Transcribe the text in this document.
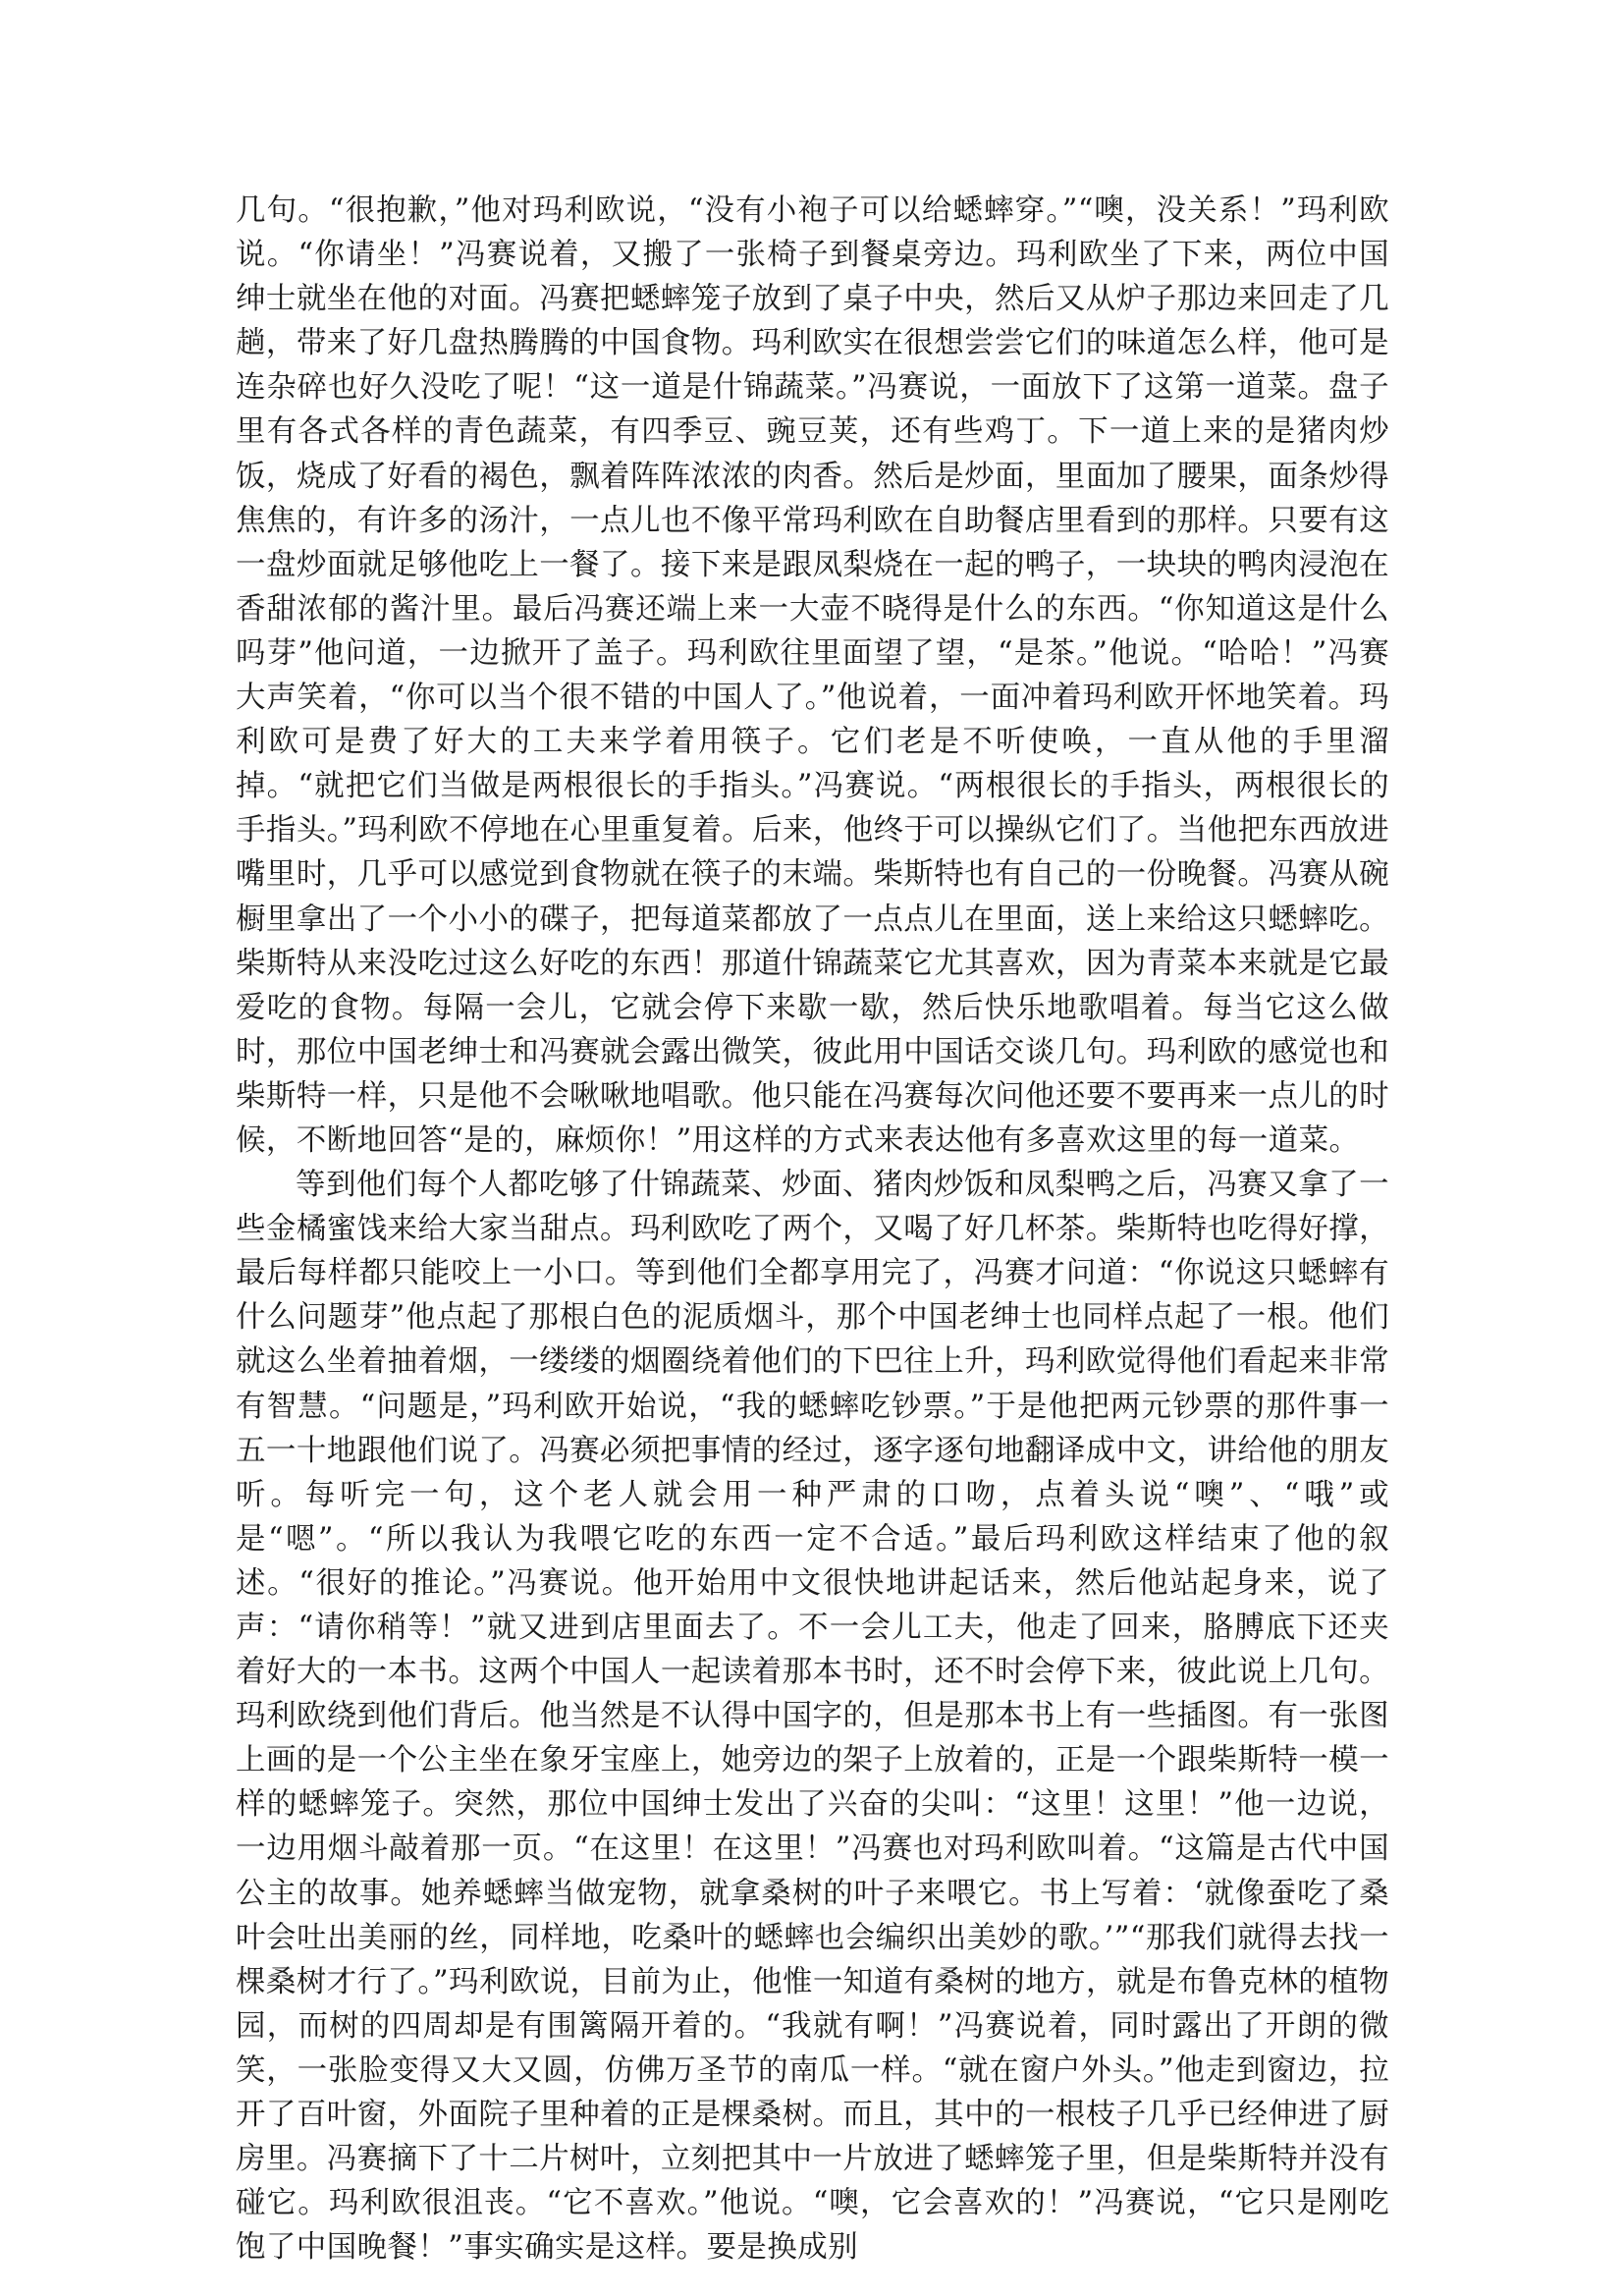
几句。“很抱歉，”他对玛利欧说，“没有小袍子可以给蟋蟀穿。”“噢，没关系！”玛利欧说。“你请坐！”冯赛说着，又搬了一张椅子到餐桌旁边。玛利欧坐了下来，两位中国绅士就坐在他的对面。冯赛把蟋蟀笼子放到了桌子中央，然后又从炉子那边来回走了几趟，带来了好几盘热腾腾的中国食物。玛利欧实在很想尝尝它们的味道怎么样，他可是连杂碎也好久没吃了呢！“这一道是什锦蔬菜。”冯赛说，一面放下了这第一道菜。盘子里有各式各样的青色蔬菜，有四季豆、豌豆荚，还有些鸡丁。下一道上来的是猪肉炒饭，烧成了好看的褐色，飘着阵阵浓浓的肉香。然后是炒面，里面加了腰果，面条炒得焦焦的，有许多的汤汁，一点儿也不像平常玛利欧在自助餐店里看到的那样。只要有这一盘炒面就足够他吃上一餐了。接下来是跟凤梨烧在一起的鸭子，一块块的鸭肉浸泡在香甜浓郁的酱汁里。最后冯赛还端上来一大壶不晓得是什么的东西。“你知道这是什么吗芽”他问道，一边掀开了盖子。玛利欧往里面望了望，“是茶。”他说。“哈哈！”冯赛大声笑着，“你可以当个很不错的中国人了。”他说着，一面冲着玛利欧开怀地笑着。玛利欧可是费了好大的工夫来学着用筷子。它们老是不听使唤，一直从他的手里溜掉。“就把它们当做是两根很长的手指头。”冯赛说。“两根很长的手指头，两根很长的手指头。”玛利欧不停地在心里重复着。后来，他终于可以操纵它们了。当他把东西放进嘴里时，几乎可以感觉到食物就在筷子的末端。柴斯特也有自己的一份晚餐。冯赛从碗橱里拿出了一个小小的碟子，把每道菜都放了一点点儿在里面，送上来给这只蟋蟀吃。柴斯特从来没吃过这么好吃的东西！那道什锦蔬菜它尤其喜欢，因为青菜本来就是它最爱吃的食物。每隔一会儿，它就会停下来歇一歇，然后快乐地歌唱着。每当它这么做时，那位中国老绅士和冯赛就会露出微笑，彼此用中国话交谈几句。玛利欧的感觉也和柴斯特一样，只是他不会啾啾地唱歌。他只能在冯赛每次问他还要不要再来一点儿的时候，不断地回答“是的，麻烦你！”用这样的方式来表达他有多喜欢这里的每一道菜。

等到他们每个人都吃够了什锦蔬菜、炒面、猪肉炒饭和凤梨鸭之后，冯赛又拿了一些金橘蜜饯来给大家当甜点。玛利欧吃了两个，又喝了好几杯茶。柴斯特也吃得好撑，最后每样都只能咬上一小口。等到他们全都享用完了，冯赛才问道：“你说这只蟋蟀有什么问题芽”他点起了那根白色的泥质烟斗，那个中国老绅士也同样点起了一根。他们就这么坐着抽着烟，一缕缕的烟圈绕着他们的下巴往上升，玛利欧觉得他们看起来非常有智慧。“问题是，”玛利欧开始说，“我的蟋蟀吃钞票。”于是他把两元钞票的那件事一五一十地跟他们说了。冯赛必须把事情的经过，逐字逐句地翻译成中文，讲给他的朋友听。每听完一句，这个老人就会用一种严肃的口吻，点着头说“噢”、“哦”或是“嗯”。“所以我认为我喂它吃的东西一定不合适。”最后玛利欧这样结束了他的叙述。“很好的推论。”冯赛说。他开始用中文很快地讲起话来，然后他站起身来，说了声：“请你稍等！”就又进到店里面去了。不一会儿工夫，他走了回来，胳膊底下还夹着好大的一本书。这两个中国人一起读着那本书时，还不时会停下来，彼此说上几句。玛利欧绕到他们背后。他当然是不认得中国字的，但是那本书上有一些插图。有一张图上画的是一个公主坐在象牙宝座上，她旁边的架子上放着的，正是一个跟柴斯特一模一样的蟋蟀笼子。突然，那位中国绅士发出了兴奋的尖叫：“这里！这里！”他一边说，一边用烟斗敲着那一页。“在这里！在这里！”冯赛也对玛利欧叫着。“这篇是古代中国公主的故事。她养蟋蟀当做宠物，就拿桑树的叶子来喂它。书上写着：‘就像蚕吃了桑叶会吐出美丽的丝，同样地，吃桑叶的蟋蟀也会编织出美妙的歌。’”“那我们就得去找一棵桑树才行了。”玛利欧说，目前为止，他惟一知道有桑树的地方，就是布鲁克林的植物园，而树的四周却是有围篱隔开着的。“我就有啊！”冯赛说着，同时露出了开朗的微笑，一张脸变得又大又圆，仿佛万圣节的南瓜一样。“就在窗户外头。”他走到窗边，拉开了百叶窗，外面院子里种着的正是棵桑树。而且，其中的一根枝子几乎已经伸进了厨房里。冯赛摘下了十二片树叶，立刻把其中一片放进了蟋蟀笼子里，但是柴斯特并没有碰它。玛利欧很沮丧。“它不喜欢。”他说。“噢，它会喜欢的！”冯赛说，“它只是刚吃饱了中国晚餐！”事实确实是这样。要是换成别
